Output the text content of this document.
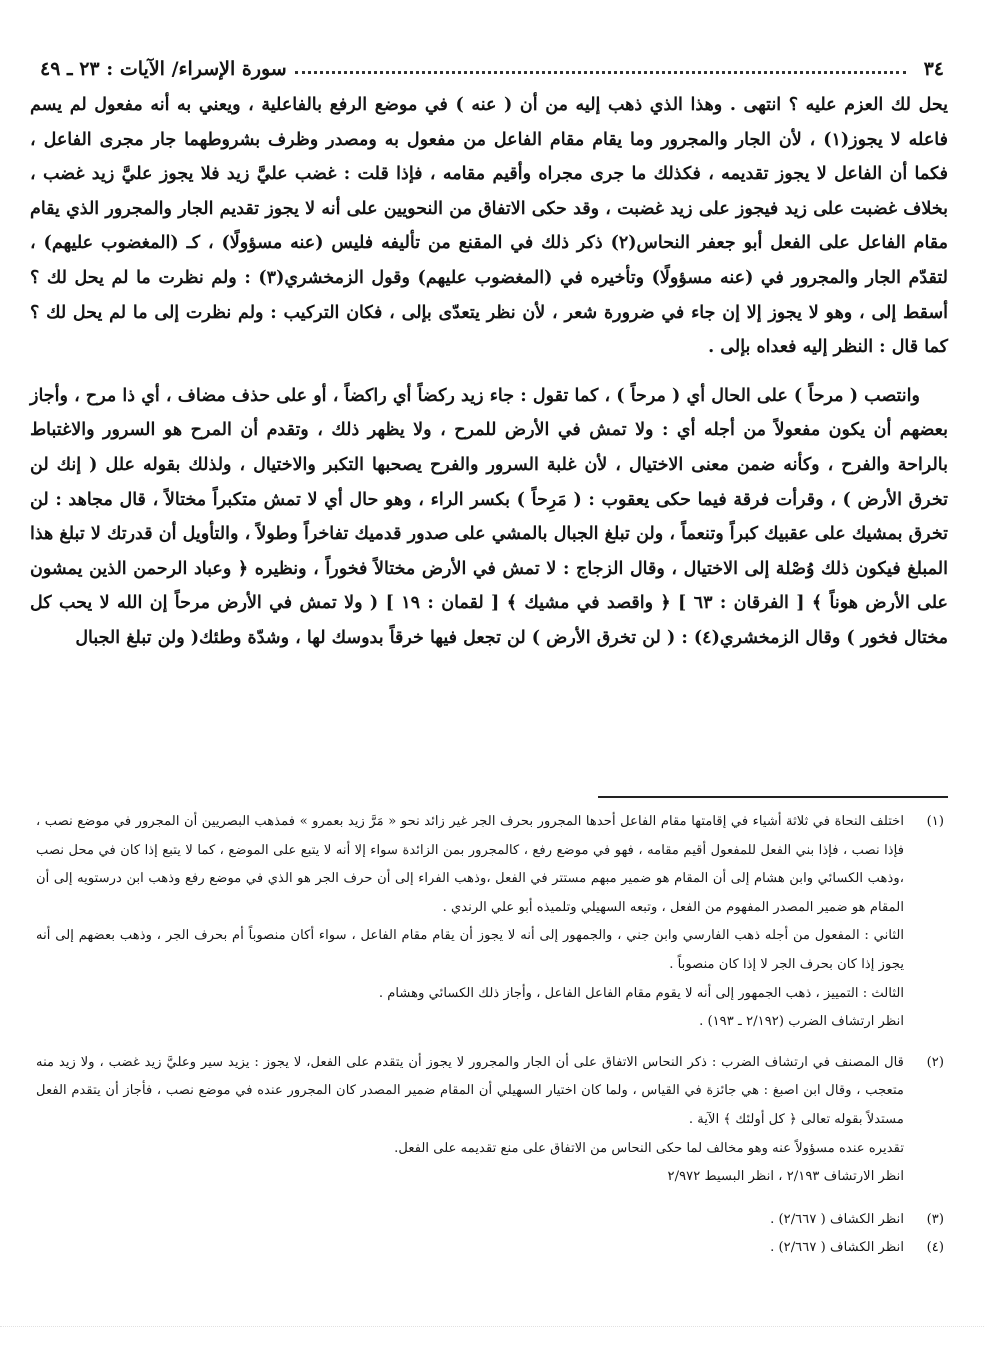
٣٤
سورة الإسراء/ الآيات : ٢٣ ـ ٤٩

يحل لك العزم عليه ؟ انتهى . وهذا الذي ذهب إليه من أن ( عنه ) في موضع الرفع بالفاعلية ، ويعني به أنه مفعول لم يسم فاعله لا يجوز(١) ، لأن الجار والمجرور وما يقام مقام الفاعل من مفعول به ومصدر وظرف بشروطهما جار مجرى الفاعل ، فكما أن الفاعل لا يجوز تقديمه ، فكذلك ما جرى مجراه وأقيم مقامه ، فإذا قلت : غضب عليَّ زيد فلا يجوز عليَّ زيد غضب ، بخلاف غضبت على زيد فيجوز على زيد غضبت ، وقد حكى الاتفاق من النحويين على أنه لا يجوز تقديم الجار والمجرور الذي يقام مقام الفاعل على الفعل أبو جعفر النحاس(٢) ذكر ذلك في المقنع من تأليفه فليس (عنه مسؤولًا) ، كـ (المغضوب عليهم) ، لتقدّم الجار والمجرور في (عنه مسؤولًا) وتأخيره في (المغضوب عليهم) وقول الزمخشري(٣) : ولم نظرت ما لم يحل لك ؟ أسقط إلى ، وهو لا يجوز إلا إن جاء في ضرورة شعر ، لأن نظر يتعدّى بإلى ، فكان التركيب : ولم نظرت إلى ما لم يحل لك ؟ كما قال : النظر إليه فعداه بإلى .

وانتصب ( مرحاً ) على الحال أي ( مرحاً ) ، كما تقول : جاء زيد ركضاً أي راكضاً ، أو على حذف مضاف ، أي ذا مرح ، وأجاز بعضهم أن يكون مفعولاً من أجله أي : ولا تمش في الأرض للمرح ، ولا يظهر ذلك ، وتقدم أن المرح هو السرور والاغتباط بالراحة والفرح ، وكأنه ضمن معنى الاختيال ، لأن غلبة السرور والفرح يصحبها التكبر والاختيال ، ولذلك بقوله علل ( إنك لن تخرق الأرض ) ، وقرأت فرقة فيما حكى يعقوب : ( مَرِحاً ) بكسر الراء ، وهو حال أي لا تمش متكبراً مختالاً ، قال مجاهد : لن تخرق بمشيك على عقبيك كبراً وتنعماً ، ولن تبلغ الجبال بالمشي على صدور قدميك تفاخراً وطولاً ، والتأويل أن قدرتك لا تبلغ هذا المبلغ فيكون ذلك وُصْلة إلى الاختيال ، وقال الزجاج : لا تمش في الأرض مختالاً فخوراً ، ونظيره ﴿ وعباد الرحمن الذين يمشون على الأرض هوناً ﴾ [ الفرقان : ٦٣ ] ﴿ واقصد في مشيك ﴾ [ لقمان : ١٩ ] ( ولا تمش في الأرض مرحاً إن الله لا يحب كل مختال فخور ) وقال الزمخشري(٤) : ( لن تخرق الأرض ) لن تجعل فيها خرقاً بدوسك لها ، وشدّة وطئك( ولن تبلغ الجبال

(١)

اختلف النحاة في ثلاثة أشياء في إقامتها مقام الفاعل أحدها المجرور بحرف الجر غير زائد نحو « مَرَّ زيد بعمرو » فمذهب البصريين أن المجرور في موضع نصب ، فإذا نصب ، فإذا بني الفعل للمفعول أقيم مقامه ، فهو في موضع رفع ، كالمجرور بمن الزائدة سواء إلا أنه لا يتبع على الموضع ، كما لا يتبع إذا كان في محل نصب ،وذهب الكسائي وابن هشام إلى أن المقام هو ضمير مبهم مستتر في الفعل ،وذهب الفراء إلى أن حرف الجر هو الذي في موضع رفع وذهب ابن درستويه إلى أن المقام هو ضمير المصدر المفهوم من الفعل ، وتبعه السهيلي وتلميذه أبو علي الرندي .

الثاني : المفعول من أجله ذهب الفارسي وابن جني ، والجمهور إلى أنه لا يجوز أن يقام مقام الفاعل ، سواء أكان منصوباً أم بحرف الجر ، وذهب بعضهم إلى أنه يجوز إذا كان بحرف الجر لا إذا كان منصوباً .

الثالث : التمييز ، ذهب الجمهور إلى أنه لا يقوم مقام الفاعل الفاعل ، وأجاز ذلك الكسائي وهشام .

انظر ارتشاف الضرب (٢/١٩٢ ـ ١٩٣) .

(٢)

قال المصنف في ارتشاف الضرب : ذكر النحاس الاتفاق على أن الجار والمجرور لا يجوز أن يتقدم على الفعل، لا يجوز : يزيد سير وعليَّ زيد غضب ، ولا زيد منه متعجب ، وقال ابن اصبغ : هي جائزة في القياس ، ولما كان اختيار السهيلي أن المقام ضمير المصدر كان المجرور عنده في موضع نصب ، فأجاز أن يتقدم الفعل مستدلاً بقوله تعالى ﴿ كل أولئك ﴾ الآية .

تقديره عنده مسؤولاً عنه وهو مخالف لما حكى النحاس من الاتفاق على منع تقديمه على الفعل.

انظر الارتشاف ٢/١٩٣ ، انظر البسيط ٢/٩٧٢

(٣)

انظر الكشاف ( ٢/٦٦٧) .

(٤)

انظر الكشاف ( ٢/٦٦٧) .
